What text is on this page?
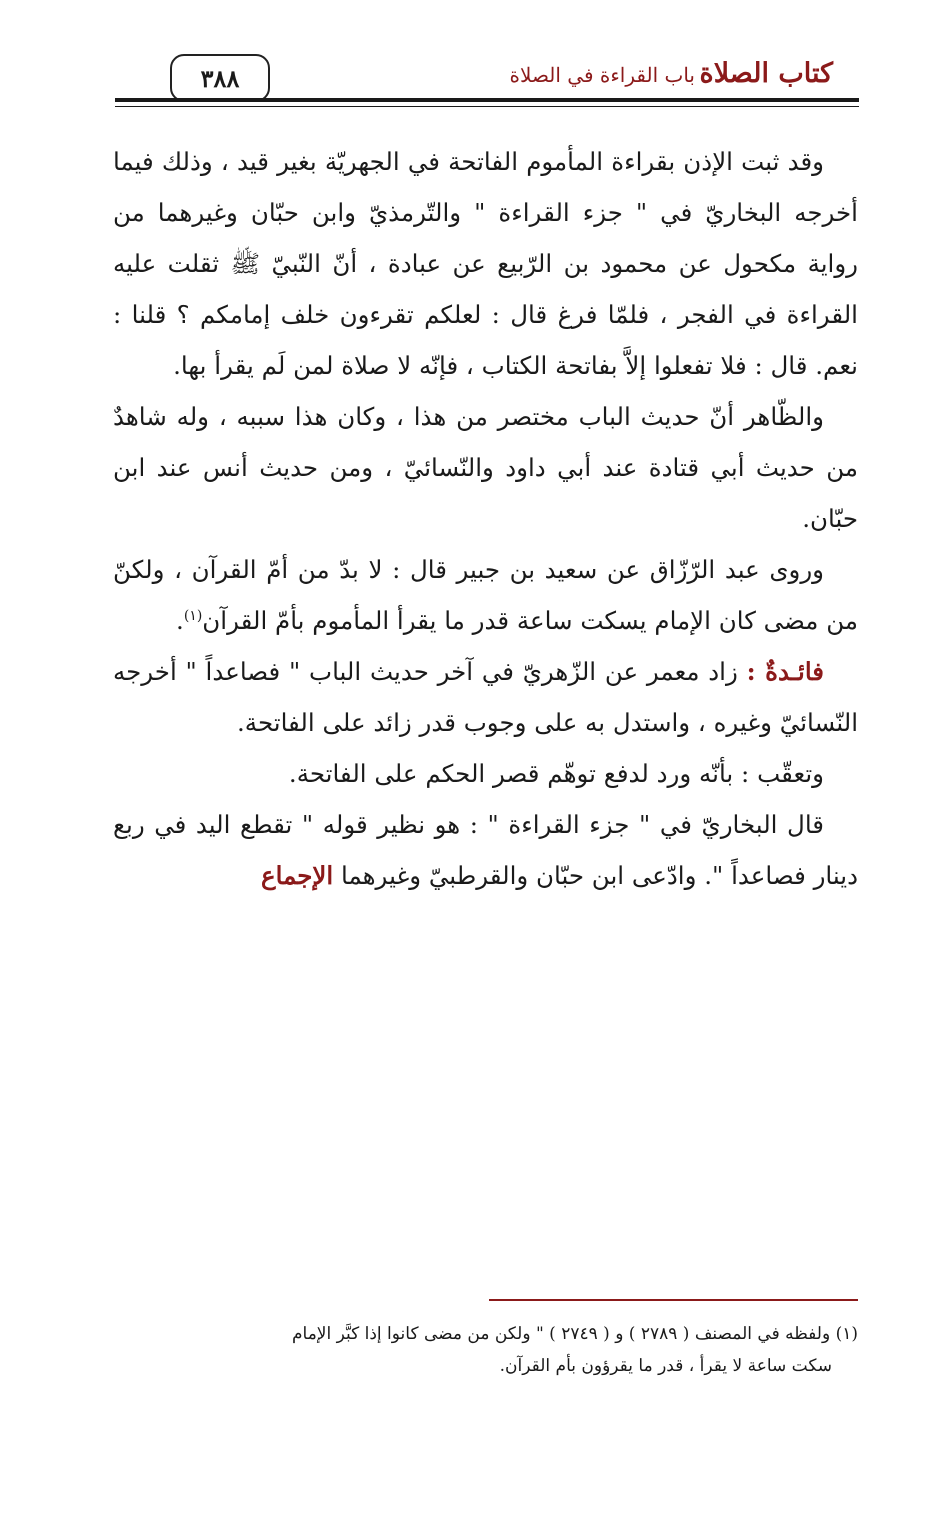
كتاب الصلاة
باب القراءة في الصلاة
٣٨٨

وقد ثبت الإذن بقراءة المأموم الفاتحة في الجهريّة بغير قيد ، وذلك فيما أخرجه البخاريّ في " جزء القراءة " والتّرمذيّ وابن حبّان وغيرهما من رواية مكحول عن محمود بن الرّبيع عن عبادة ، أنّ النّبيّ ﷺ ثقلت عليه القراءة في الفجر ، فلمّا فرغ قال : لعلكم تقرءون خلف إمامكم ؟ قلنا : نعم. قال : فلا تفعلوا إلاَّ بفاتحة الكتاب ، فإنّه لا صلاة لمن لَم يقرأ بها.

والظّاهر أنّ حديث الباب مختصر من هذا ، وكان هذا سببه ، وله شاهدٌ من حديث أبي قتادة عند أبي داود والنّسائيّ ، ومن حديث أنس عند ابن حبّان.

وروى عبد الرّزّاق عن سعيد بن جبير قال : لا بدّ من أمّ القرآن ، ولكنّ من مضى كان الإمام يسكت ساعة قدر ما يقرأ المأموم بأمّ القرآن$^{(١)}$.

فائـدةٌ : زاد معمر عن الزّهريّ في آخر حديث الباب " فصاعداً " أخرجه النّسائيّ وغيره ، واستدل به على وجوب قدر زائد على الفاتحة.

وتعقّب : بأنّه ورد لدفع توهّم قصر الحكم على الفاتحة.

قال البخاريّ في " جزء القراءة " : هو نظير قوله " تقطع اليد في ربع دينار فصاعداً ". وادّعى ابن حبّان والقرطبيّ وغيرهما الإجماع

(١) ولفظه في المصنف ( ٢٧٨٩ ) و ( ٢٧٤٩ ) " ولكن من مضى كانوا إذا كبَّر الإمام

سكت ساعة لا يقرأ ، قدر ما يقرؤون بأم القرآن.
